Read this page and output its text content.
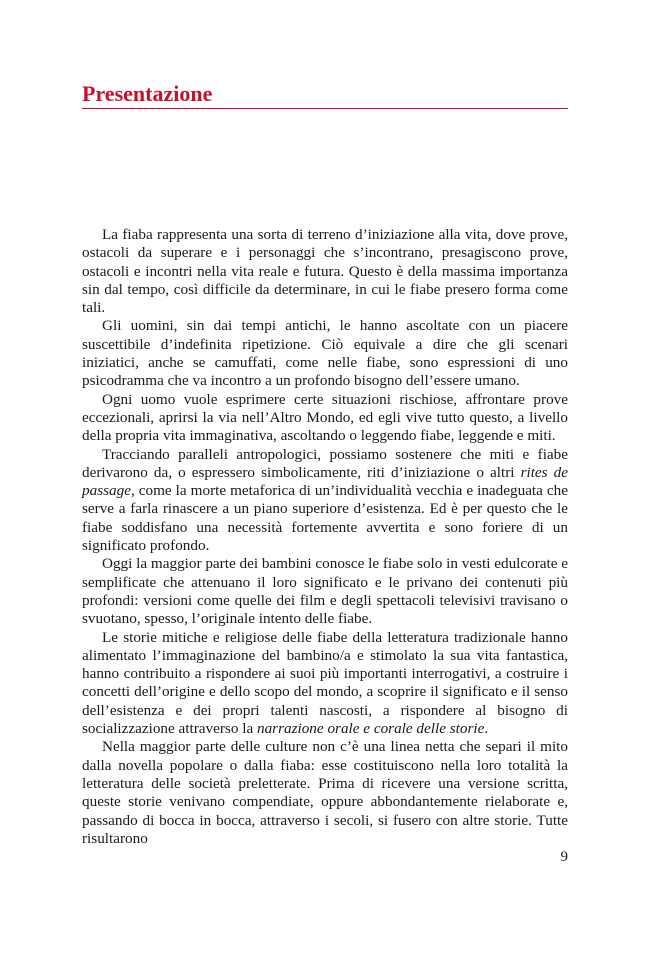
Presentazione

La fiaba rappresenta una sorta di terreno d’iniziazione alla vita, dove prove, ostacoli da superare e i personaggi che s’incontrano, presagiscono prove, ostacoli e incontri nella vita reale e futura. Questo è della massima importanza sin dal tempo, così difficile da determinare, in cui le fiabe presero forma come tali.

Gli uomini, sin dai tempi antichi, le hanno ascoltate con un piacere suscettibile d’indefinita ripetizione. Ciò equivale a dire che gli scenari iniziatici, anche se camuffati, come nelle fiabe, sono espressioni di uno psicodramma che va incontro a un profondo bisogno dell’essere umano.

Ogni uomo vuole esprimere certe situazioni rischiose, affrontare prove eccezionali, aprirsi la via nell’Altro Mondo, ed egli vive tutto questo, a livello della propria vita immaginativa, ascoltando o leggendo fiabe, leggende e miti.

Tracciando paralleli antropologici, possiamo sostenere che miti e fiabe derivarono da, o espressero simbolicamente, riti d’iniziazione o altri rites de passage, come la morte metaforica di un’individualità vecchia e inadeguata che serve a farla rinascere a un piano superiore d’esistenza. Ed è per questo che le fiabe soddisfano una necessità fortemente avvertita e sono foriere di un significato profondo.

Oggi la maggior parte dei bambini conosce le fiabe solo in vesti edulcorate e semplificate che attenuano il loro significato e le privano dei contenuti più profondi: versioni come quelle dei film e degli spettacoli televisivi travisano o svuotano, spesso, l’originale intento delle fiabe.

Le storie mitiche e religiose delle fiabe della letteratura tradizionale hanno alimentato l’immaginazione del bambino/a e stimolato la sua vita fantastica, hanno contribuito a rispondere ai suoi più importanti interrogativi, a costruire i concetti dell’origine e dello scopo del mondo, a scoprire il significato e il senso dell’esistenza e dei propri talenti nascosti, a rispondere al bisogno di socializzazione attraverso la narrazione orale e corale delle storie.

Nella maggior parte delle culture non c’è una linea netta che separi il mito dalla novella popolare o dalla fiaba: esse costituiscono nella loro totalità la letteratura delle società preletterate. Prima di ricevere una versione scritta, queste storie venivano compendiate, oppure abbondantemente rielaborate e, passando di bocca in bocca, attraverso i secoli, si fusero con altre storie. Tutte risultarono

9
